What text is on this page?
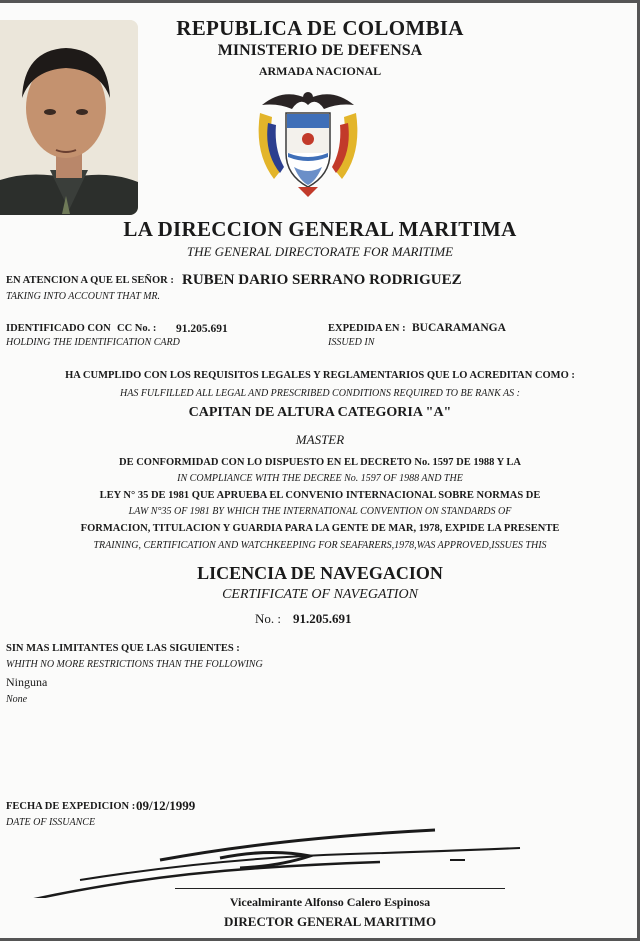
REPUBLICA DE COLOMBIA
MINISTERIO DE DEFENSA
ARMADA NACIONAL
LA DIRECCION GENERAL MARITIMA
THE GENERAL DIRECTORATE FOR MARITIME
EN ATENCION A QUE EL SEÑOR : RUBEN DARIO SERRANO RODRIGUEZ
TAKING INTO ACCOUNT THAT MR.
IDENTIFICADO CON CC No. : 91.205.691
HOLDING THE IDENTIFICATION CARD
EXPEDIDA EN : BUCARAMANGA
ISSUED IN
HA CUMPLIDO CON LOS REQUISITOS LEGALES Y REGLAMENTARIOS QUE LO ACREDITAN COMO :
HAS FULFILLED ALL LEGAL AND PRESCRIBED CONDITIONS REQUIRED TO BE RANK AS :
CAPITAN DE ALTURA CATEGORIA "A"
MASTER
DE CONFORMIDAD CON LO DISPUESTO EN EL DECRETO No. 1597 DE 1988 Y LA
IN COMPLIANCE WITH THE DECREE No. 1597 OF 1988 AND THE
LEY N° 35 DE 1981 QUE APRUEBA EL CONVENIO INTERNACIONAL SOBRE NORMAS DE
LAW N°35 OF 1981 BY WHICH THE INTERNATIONAL CONVENTION ON STANDARDS OF
FORMACION, TITULACION Y GUARDIA PARA LA GENTE DE MAR, 1978, EXPIDE LA PRESENTE
TRAINING, CERTIFICATION AND WATCHKEEPING FOR SEAFARERS,1978,WAS APPROVED,ISSUES THIS
LICENCIA DE NAVEGACION
CERTIFICATE OF NAVEGATION
No. : 91.205.691
SIN MAS LIMITANTES QUE LAS SIGUIENTES :
WHITH NO MORE RESTRICTIONS THAN THE FOLLOWING
Ninguna
None
FECHA DE EXPEDICION : 09/12/1999
DATE OF ISSUANCE
Vicealmirante Alfonso Calero Espinosa
DIRECTOR GENERAL MARITIMO
